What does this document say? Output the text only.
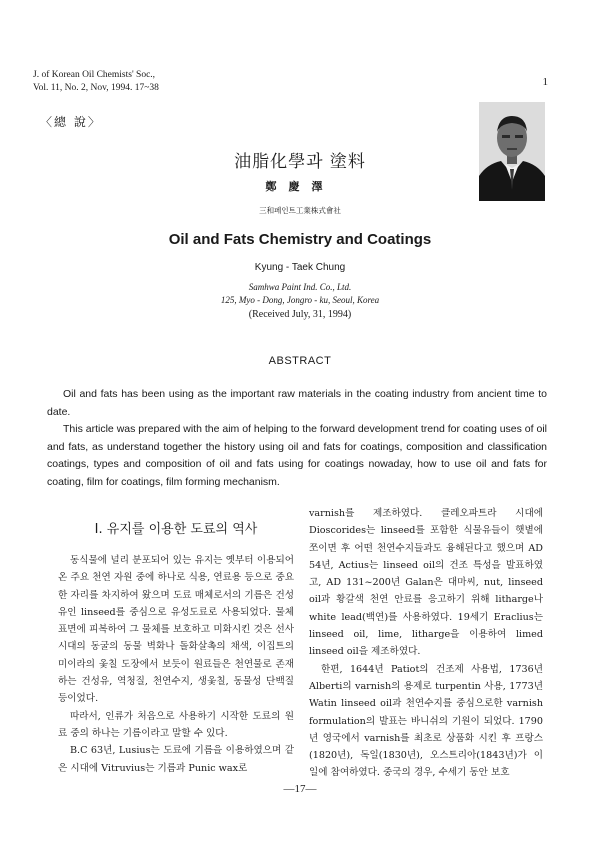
J. of Korean Oil Chemists' Soc.,
Vol. 11, No. 2, Nov, 1994. 17~38	1
〈總 說〉
油脂化學과 塗料
鄭慶澤
三和페인트工業株式會社
Oil and Fats Chemistry and Coatings
Kyung - Taek Chung
Samhwa Paint Ind. Co., Ltd.
125, Myo - Dong, Jongro - ku, Seoul, Korea
(Received July, 31, 1994)
ABSTRACT

Oil and fats has been using as the important raw materials in the coating industry from ancient time to date.

This article was prepared with the aim of helping to the forward development trend for coating uses of oil and fats, as understand together the history using oil and fats for coatings, composition and classification coatings, types and composition of oil and fats using for coatings nowaday, how to use oil and fats for coating, film for coatings, film forming mechanism.

Ⅰ. 유지를 이용한 도료의 역사

동식물에 널리 분포되어 있는 유지는 옛부터 이용되어온 주요 천연 자원 중에 하나로 식용, 연료용 등으로 중요한 자리를 차지하여 왔으며 도료 매체로서의 기름은 건성유인 linseed를 중심으로 유성도료로 사용되었다. 물체표면에 피복하여 그 물체를 보호하고 미화시킨 것은 선사시대의 동굴의 동물 벽화나 돌화살촉의 채색, 이집트의 미이라의 옻칠 도장에서 보듯이 원료들은 천연물로 존재하는 건성유, 역청질, 천연수지, 생옻칠, 동물성 단백질 등이었다.

따라서, 인류가 처음으로 사용하기 시작한 도료의 원료 중의 하나는 기름이라고 말할 수 있다.

B.C 63년, Lusius는 도료에 기름을 이용하였으며 같은 시대에 Vitruvius는 기름과 Punic wax로

varnish를 제조하였다. 클레오파트라 시대에 Dioscorides는 linseed를 포함한 식물유들이 햇볕에 쪼이면 후 어떤 천연수지들과도 융해된다고 했으며 AD 54년, Actius는 linseed oil의 건조 특성을 발표하였고, AD 131~200년 Galan은 대마씨, nut, linseed oil과 황갈색 천연 안료를 응고하기 위해 litharge나 white lead(백연)를 사용하였다. 19세기 Eraclius는 linseed oil, lime, litharge을 이용하여 limed linseed oil을 제조하였다.

한편, 1644년 Patiot의 건조제 사용법, 1736년 Alberti의 varnish의 용제로 turpentin 사용, 1773년 Watin linseed oil과 천연수지를 중심으로한 varnish formulation의 발표는 바니쉬의 기원이 되었다. 1790년 영국에서 varnish를 최초로 상품화 시킨 후 프랑스(1820년), 독일(1830년), 오스트리아(1843년)가 이 일에 참여하였다. 중국의 경우, 수세기 동안 보호

—17—
